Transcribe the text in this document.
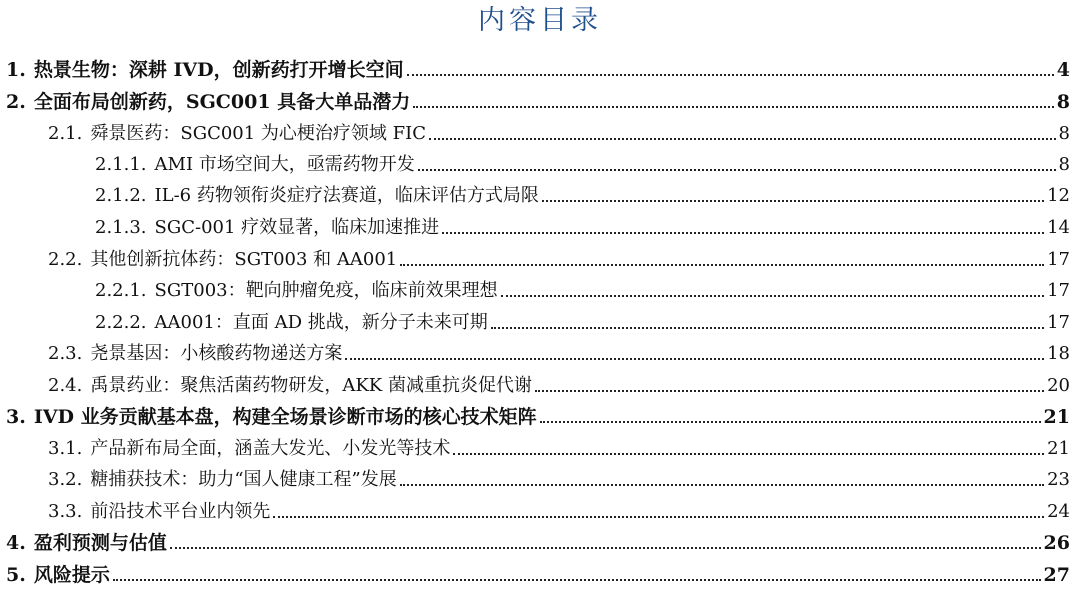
内容目录
1. 热景生物：深耕 IVD，创新药打开增长空间	4
2. 全面布局创新药，SGC001 具备大单品潜力	8
2.1. 舜景医药：SGC001 为心梗治疗领域 FIC	8
2.1.1. AMI 市场空间大，亟需药物开发	8
2.1.2. IL-6 药物领衔炎症疗法赛道，临床评估方式局限	12
2.1.3. SGC-001 疗效显著，临床加速推进	14
2.2. 其他创新抗体药：SGT003 和 AA001	17
2.2.1. SGT003：靶向肿瘤免疫，临床前效果理想	17
2.2.2. AA001：直面 AD 挑战，新分子未来可期	17
2.3. 尧景基因：小核酸药物递送方案	18
2.4. 禹景药业：聚焦活菌药物研发，AKK 菌减重抗炎促代谢	20
3. IVD 业务贡献基本盘，构建全场景诊断市场的核心技术矩阵	21
3.1. 产品新布局全面，涵盖大发光、小发光等技术	21
3.2. 糖捕获技术：助力“国人健康工程”发展	23
3.3. 前沿技术平台业内领先	24
4. 盈利预测与估值	26
5. 风险提示	27
